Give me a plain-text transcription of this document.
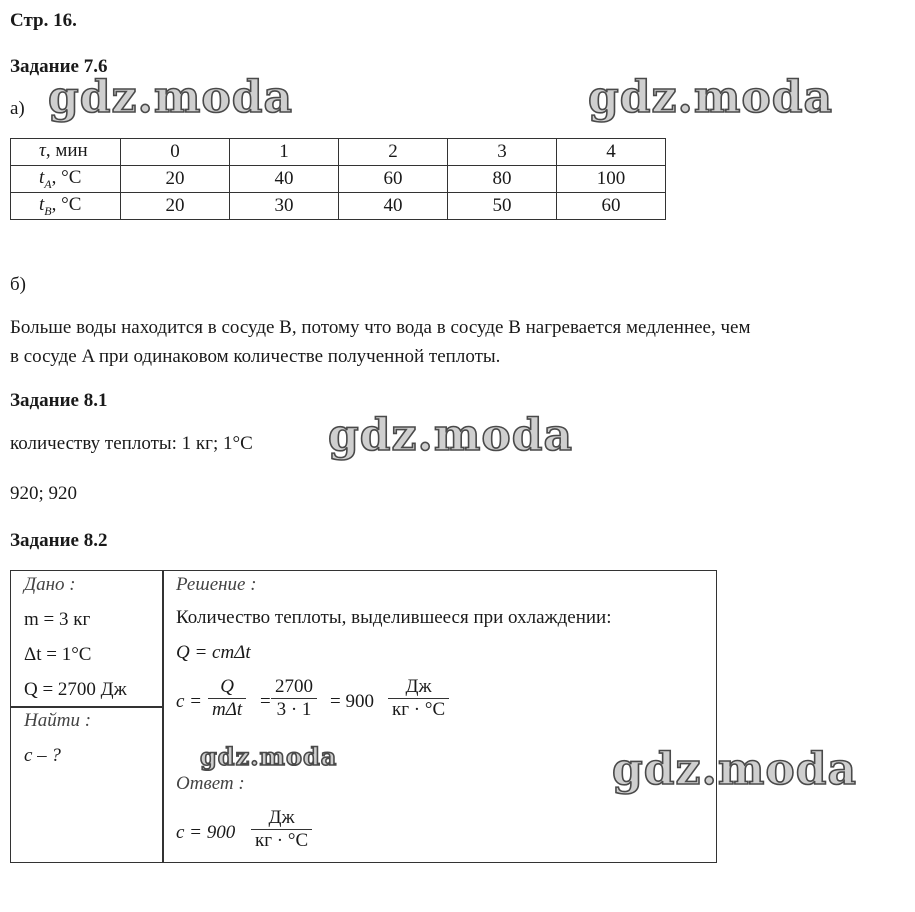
Стр. 16.
Задание 7.6
а) gdz.moda	gdz.moda
τ, мин	0	1	2	3	4
$t_A$, °C	20	40	60	80	100
$t_B$, °C	20	30	40	50	60
б)
Больше воды находится в сосуде B, потому что вода в сосуде B нагревается медленнее, чем
в сосуде A при одинаковом количестве полученной теплоты.
Задание 8.1
количеству теплоты: 1 кг; 1°C gdz.moda
920; 920
Задание 8.2
Дано :
m = 3 кг
Δt = 1°C
Q = 2700 Дж
Найти :
c – ?
Решение :
Количество теплоты, выделившееся при охлаждении:
Q = cmΔt
c =
Q
$m\Delta t = \frac{2700}{3 \cdot 1} = 900$
Дж
кг · °C
gdz.moda
Ответ :
c = 900
Дж
кг · °C
gdz.moda
